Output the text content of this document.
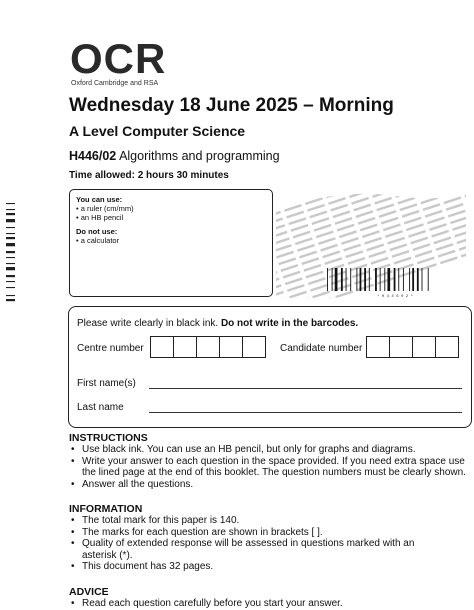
OCR
Oxford Cambridge and RSA
Wednesday 18 June 2025 – Morning
A Level Computer Science
H446/02 Algorithms and programming
Time allowed: 2 hours 30 minutes
You can use:
• a ruler (cm/mm)
• an HB pencil
Do not use:
• a calculator
* H 4 4 6 0 2 *
Please write clearly in black ink. Do not write in the barcodes.
Centre number	Candidate number
First name(s)
Last name
INSTRUCTIONS
• Use black ink. You can use an HB pencil, but only for graphs and diagrams.
• Write your answer to each question in the space provided. If you need extra space use the lined page at the end of this booklet. The question numbers must be clearly shown.
• Answer all the questions.
INFORMATION
• The total mark for this paper is 140.
• The marks for each question are shown in brackets [ ].
• Quality of extended response will be assessed in questions marked with an asterisk (*).
• This document has 32 pages.
ADVICE
• Read each question carefully before you start your answer.
